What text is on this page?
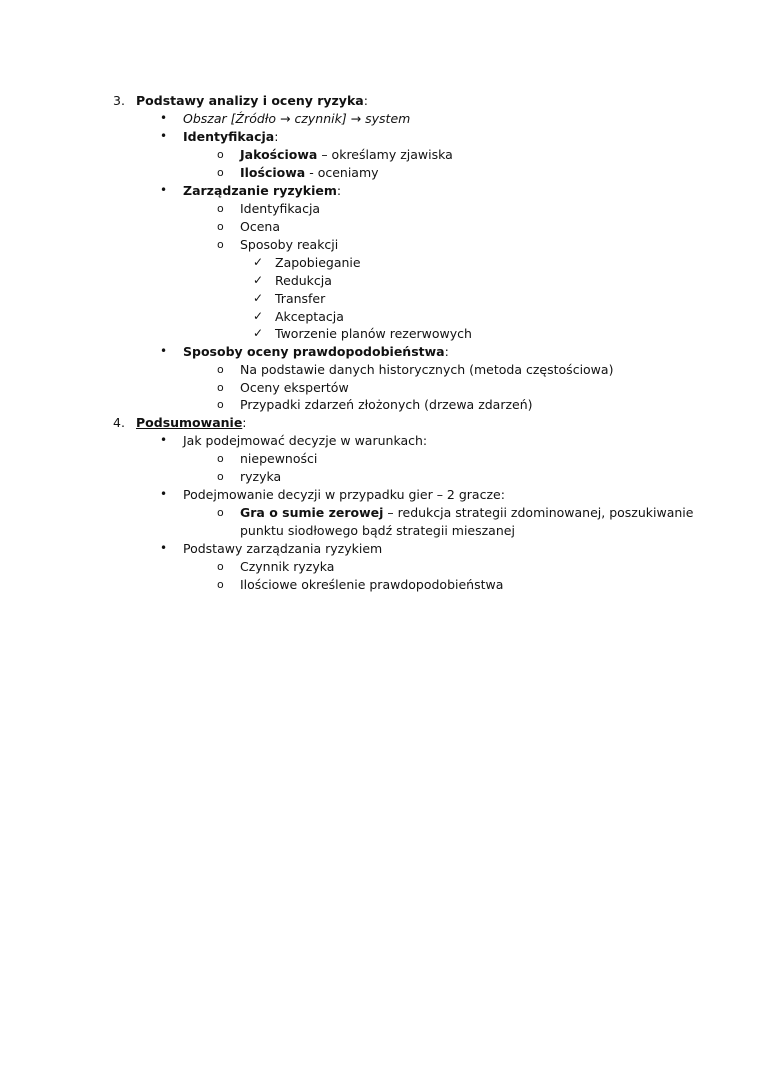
3. Podstawy analizy i oceny ryzyka:
• Obszar [Źródło → czynnik] → system
• Identyfikacja:
o Jakościowa – określamy zjawiska
o Ilościowa - oceniamy
• Zarządzanie ryzykiem:
o Identyfikacja
o Ocena
o Sposoby reakcji
✓ Zapobieganie
✓ Redukcja
✓ Transfer
✓ Akceptacja
✓ Tworzenie planów rezerwowych
• Sposoby oceny prawdopodobieństwa:
o Na podstawie danych historycznych (metoda częstościowa)
o Oceny ekspertów
o Przypadki zdarzeń złożonych (drzewa zdarzeń)
4. Podsumowanie:
• Jak podejmować decyzje w warunkach:
o niepewności
o ryzyka
• Podejmowanie decyzji w przypadku gier – 2 gracze:
o Gra o sumie zerowej – redukcja strategii zdominowanej, poszukiwanie
punktu siodłowego bądź strategii mieszanej
• Podstawy zarządzania ryzykiem
o Czynnik ryzyka
o Ilościowe określenie prawdopodobieństwa
